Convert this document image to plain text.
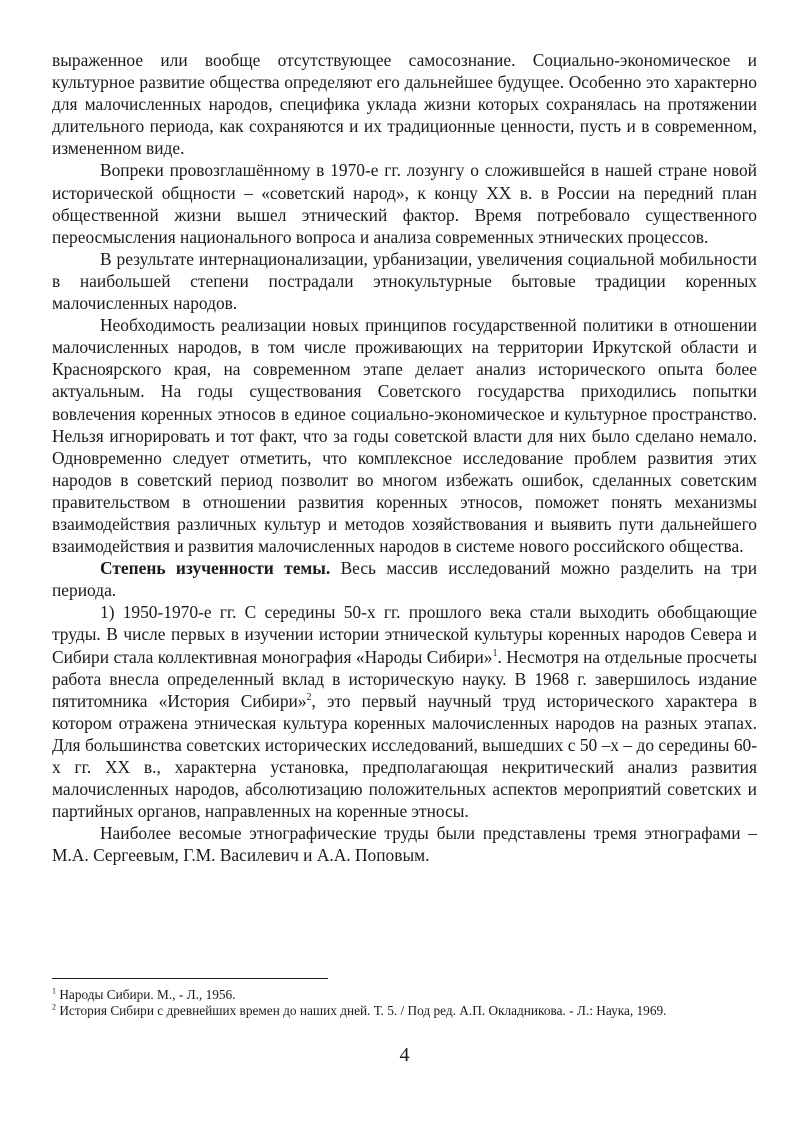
выраженное или вообще отсутствующее самосознание. Социально-экономическое и культурное развитие общества определяют его дальнейшее будущее. Особенно это характерно для малочисленных народов, специфика уклада жизни которых сохранялась на протяжении длительного периода, как сохраняются и их традиционные ценности, пусть и в современном, измененном виде.

Вопреки провозглашённому в 1970-е гг. лозунгу о сложившейся в нашей стране новой исторической общности – «советский народ», к концу XX в. в России на передний план общественной жизни вышел этнический фактор. Время потребовало существенного переосмысления национального вопроса и анализа современных этнических процессов.

В результате интернационализации, урбанизации, увеличения социальной мобильности в наибольшей степени пострадали этнокультурные бытовые традиции коренных малочисленных народов.

Необходимость реализации новых принципов государственной политики в отношении малочисленных народов, в том числе проживающих на территории Иркутской области и Красноярского края, на современном этапе делает анализ исторического опыта более актуальным. На годы существования Советского государства приходились попытки вовлечения коренных этносов в единое социально-экономическое и культурное пространство. Нельзя игнорировать и тот факт, что за годы советской власти для них было сделано немало. Одновременно следует отметить, что комплексное исследование проблем развития этих народов в советский период позволит во многом избежать ошибок, сделанных советским правительством в отношении развития коренных этносов, поможет понять механизмы взаимодействия различных культур и методов хозяйствования и выявить пути дальнейшего взаимодействия и развития малочисленных народов в системе нового российского общества.

Степень изученности темы. Весь массив исследований можно разделить на три периода.

1) 1950-1970-е гг. С середины 50-х гг. прошлого века стали выходить обобщающие труды. В числе первых в изучении истории этнической культуры коренных народов Севера и Сибири стала коллективная монография «Народы Сибири»$^1$. Несмотря на отдельные просчеты работа внесла определенный вклад в историческую науку. В 1968 г. завершилось издание пятитомника «История Сибири»$^2$, это первый научный труд исторического характера в котором отражена этническая культура коренных малочисленных народов на разных этапах. Для большинства советских исторических исследований, вышедших с 50 –х – до середины 60-х гг. XX в., характерна установка, предполагающая некритический анализ развития малочисленных народов, абсолютизацию положительных аспектов мероприятий советских и партийных органов, направленных на коренные этносы.

Наиболее весомые этнографические труды были представлены тремя этнографами – М.А. Сергеевым, Г.М. Василевич и А.А. Поповым.

$^1$ Народы Сибири. М., - Л., 1956.

$^2$ История Сибири с древнейших времен до наших дней. Т. 5. / Под ред. А.П. Окладникова. - Л.: Наука, 1969.

4
